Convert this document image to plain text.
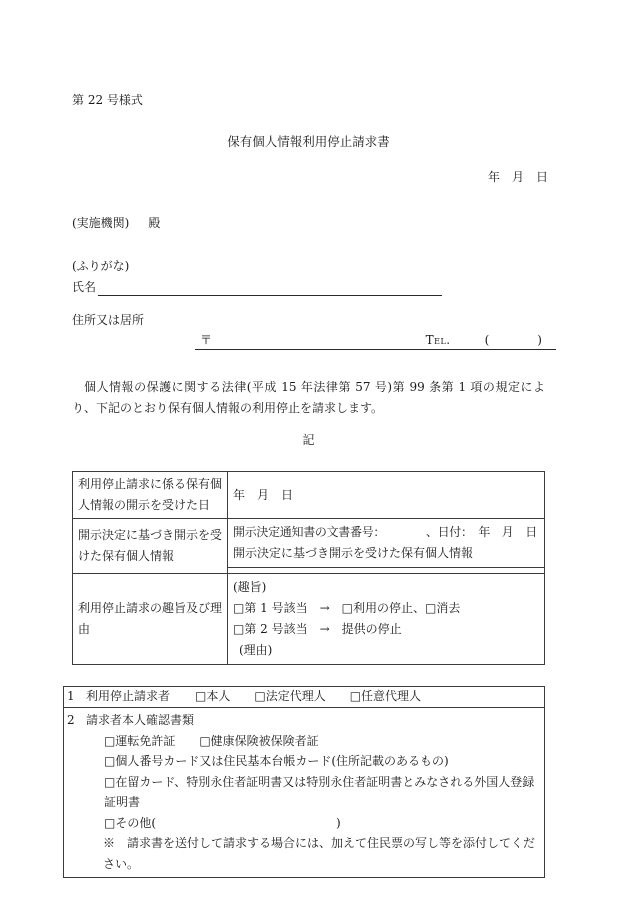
第 22 号様式
保有個人情報利用停止請求書
年　月　日
(実施機関) 殿
(ふりがな)
氏名
住所又は居所
〒	Tel.	(　　　　)

個人情報の保護に関する法律(平成 15 年法律第 57 号)第 99 条第 1 項の規定により、下記のとおり保有個人情報の利用停止を請求します。

記
利用停止請求に係る保有個人情報の開示を受けた日	年　月　日
開示決定に基づき開示を受けた保有個人情報	開示決定通知書の文書番号：　　　　、日付：　年　月　日
開示決定に基づき開示を受けた保有個人情報

利用停止請求の趣旨及び理由	(趣旨)
□第 1 号該当　→　□利用の停止、□消去
□第 2 号該当　→　提供の停止
(理由)
1 利用停止請求者 □本人　　□法定代理人　　□任意代理人
2 請求者本人確認書類
□運転免許証　　□健康保険被保険者証
□個人番号カード又は住民基本台帳カード(住所記載のあるもの)
□在留カード、特別永住者証明書又は特別永住者証明書とみなされる外国人登録証明書
□その他(　　　　　　　　　　　　　　　)
※　請求書を送付して請求する場合には、加えて住民票の写し等を添付してください。
